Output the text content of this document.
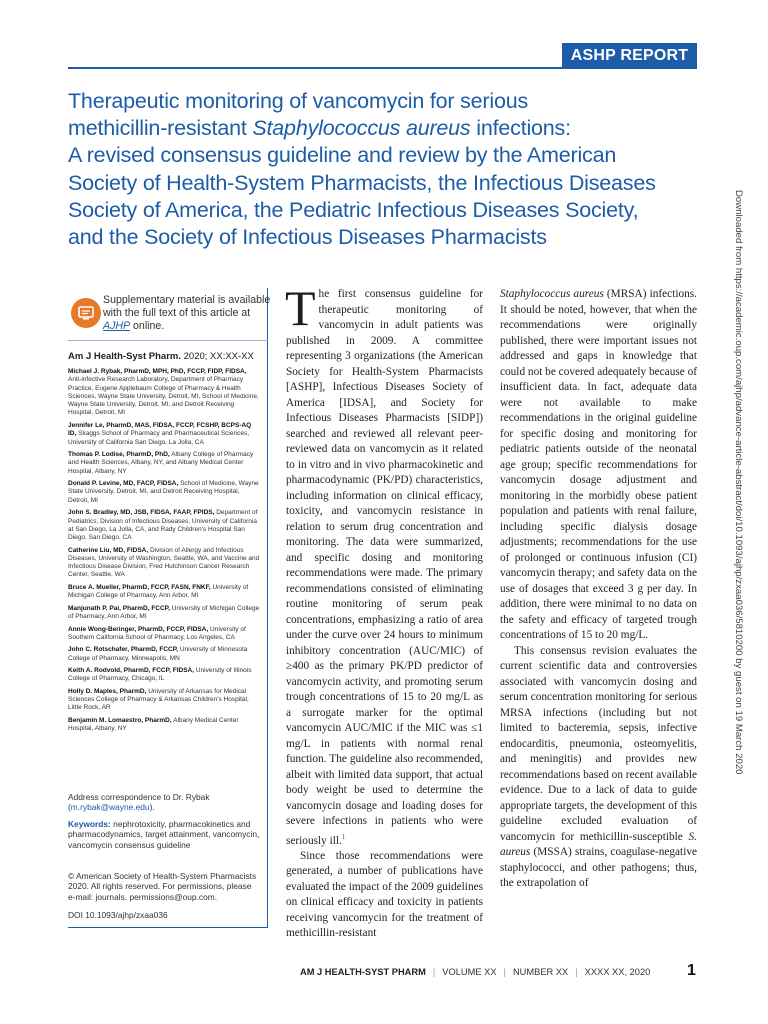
ASHP REPORT

Therapeutic monitoring of vancomycin for serious

methicillin-resistant Staphylococcus aureus infections:

A revised consensus guideline and review by the American

Society of Health-System Pharmacists, the Infectious Diseases

Society of America, the Pediatric Infectious Diseases Society,

and the Society of Infectious Diseases Pharmacists

Supplementary material is available with the full text of this article at AJHP online.
Am J Health-Syst Pharm. 2020; XX:XX-XX

Michael J. Rybak, PharmD, MPH, PhD, FCCP, FIDP, FIDSA, Anti-infective Research Laboratory, Department of Pharmacy Practice, Eugene Applebaum College of Pharmacy & Health Sciences, Wayne State University, Detroit, MI, School of Medicine, Wayne State University, Detroit, MI, and Detroit Receiving Hospital, Detroit, MI

Jennifer Le, PharmD, MAS, FIDSA, FCCP, FCSHP, BCPS-AQ ID, Skaggs School of Pharmacy and Pharmaceutical Sciences, University of California San Diego, La Jolla, CA

Thomas P. Lodise, PharmD, PhD, Albany College of Pharmacy and Health Sciences, Albany, NY, and Albany Medical Center Hospital, Albany, NY

Donald P. Levine, MD, FACP, FIDSA, School of Medicine, Wayne State University, Detroit, MI, and Detroit Receiving Hospital, Detroit, MI

John S. Bradley, MD, JSB, FIDSA, FAAP, FPIDS, Department of Pediatrics, Division of Infectious Diseases, University of California at San Diego, La Jolla, CA, and Rady Children's Hospital San Diego, San Diego, CA

Catherine Liu, MD, FIDSA, Division of Allergy and Infectious Diseases, University of Washington, Seattle, WA, and Vaccine and Infectious Disease Division, Fred Hutchinson Cancer Research Center, Seattle, WA

Bruce A. Mueller, PharmD, FCCP, FASN, FNKF, University of Michigan College of Pharmacy, Ann Arbor, MI

Manjunath P. Pai, PharmD, FCCP, University of Michigan College of Pharmacy, Ann Arbor, MI

Annie Wong-Beringer, PharmD, FCCP, FIDSA, University of Southern California School of Pharmacy, Los Angeles, CA

John C. Rotschafer, PharmD, FCCP, University of Minnesota College of Pharmacy, Minneapolis, MN

Keith A. Rodvold, PharmD, FCCP, FIDSA, University of Illinois College of Pharmacy, Chicago, IL

Holly D. Maples, PharmD, University of Arkansas for Medical Sciences College of Pharmacy & Arkansas Children's Hospital, Little Rock, AR

Benjamin M. Lomaestro, PharmD, Albany Medical Center Hospital, Albany, NY

Address correspondence to Dr. Rybak (m.rybak@wayne.edu).
Keywords: nephrotoxicity, pharmacokinetics and pharmacodynamics, target attainment, vancomycin, vancomycin consensus guideline
© American Society of Health-System Pharmacists 2020. All rights reserved. For permissions, please e-mail: journals. permissions@oup.com.
DOI 10.1093/ajhp/zxaa036

The first consensus guideline for therapeutic monitoring of vancomycin in adult patients was published in 2009. A committee representing 3 organizations (the American Society for Health-System Pharmacists [ASHP], Infectious Diseases Society of America [IDSA], and Society for Infectious Diseases Pharmacists [SIDP]) searched and reviewed all relevant peer-reviewed data on vancomycin as it related to in vitro and in vivo pharmacokinetic and pharmacodynamic (PK/PD) characteristics, including information on clinical efficacy, toxicity, and vancomycin resistance in relation to serum drug concentration and monitoring. The data were summarized, and specific dosing and monitoring recommendations were made. The primary recommendations consisted of eliminating routine monitoring of serum peak concentrations, emphasizing a ratio of area under the curve over 24 hours to minimum inhibitory concentration (AUC/MIC) of ≥400 as the primary PK/PD predictor of vancomycin activity, and promoting serum trough concentrations of 15 to 20 mg/L as a surrogate marker for the optimal vancomycin AUC/MIC if the MIC was ≤1 mg/L in patients with normal renal function. The guideline also recommended, albeit with limited data support, that actual body weight be used to determine the vancomycin dosage and loading doses for severe infections in patients who were seriously ill.$^1$

Since those recommendations were generated, a number of publications have evaluated the impact of the 2009 guidelines on clinical efficacy and toxicity in patients receiving vancomycin for the treatment of methicillin-resistant

Staphylococcus aureus (MRSA) infections. It should be noted, however, that when the recommendations were originally published, there were important issues not addressed and gaps in knowledge that could not be covered adequately because of insufficient data. In fact, adequate data were not available to make recommendations in the original guideline for specific dosing and monitoring for pediatric patients outside of the neonatal age group; specific recommendations for vancomycin dosage adjustment and monitoring in the morbidly obese patient population and patients with renal failure, including specific dialysis dosage adjustments; recommendations for the use of prolonged or continuous infusion (CI) vancomycin therapy; and safety data on the use of dosages that exceed 3 g per day. In addition, there were minimal to no data on the safety and efficacy of targeted trough concentrations of 15 to 20 mg/L.

This consensus revision evaluates the current scientific data and controversies associated with vancomycin dosing and serum concentration monitoring for serious MRSA infections (including but not limited to bacteremia, sepsis, infective endocarditis, pneumonia, osteomyelitis, and meningitis) and provides new recommendations based on recent available evidence. Due to a lack of data to guide appropriate targets, the development of this guideline excluded evaluation of vancomycin for methicillin-susceptible S. aureus (MSSA) strains, coagulase-negative staphylococci, and other pathogens; thus, the extrapolation of

Downloaded from https://academic.oup.com/ajhp/advance-article-abstract/doi/10.1093/ajhp/zxaa036/5810200 by guest on 19 March 2020
AM J HEALTH-SYST PHARM | VOLUME XX | NUMBER XX | XXXX XX, 2020 1
